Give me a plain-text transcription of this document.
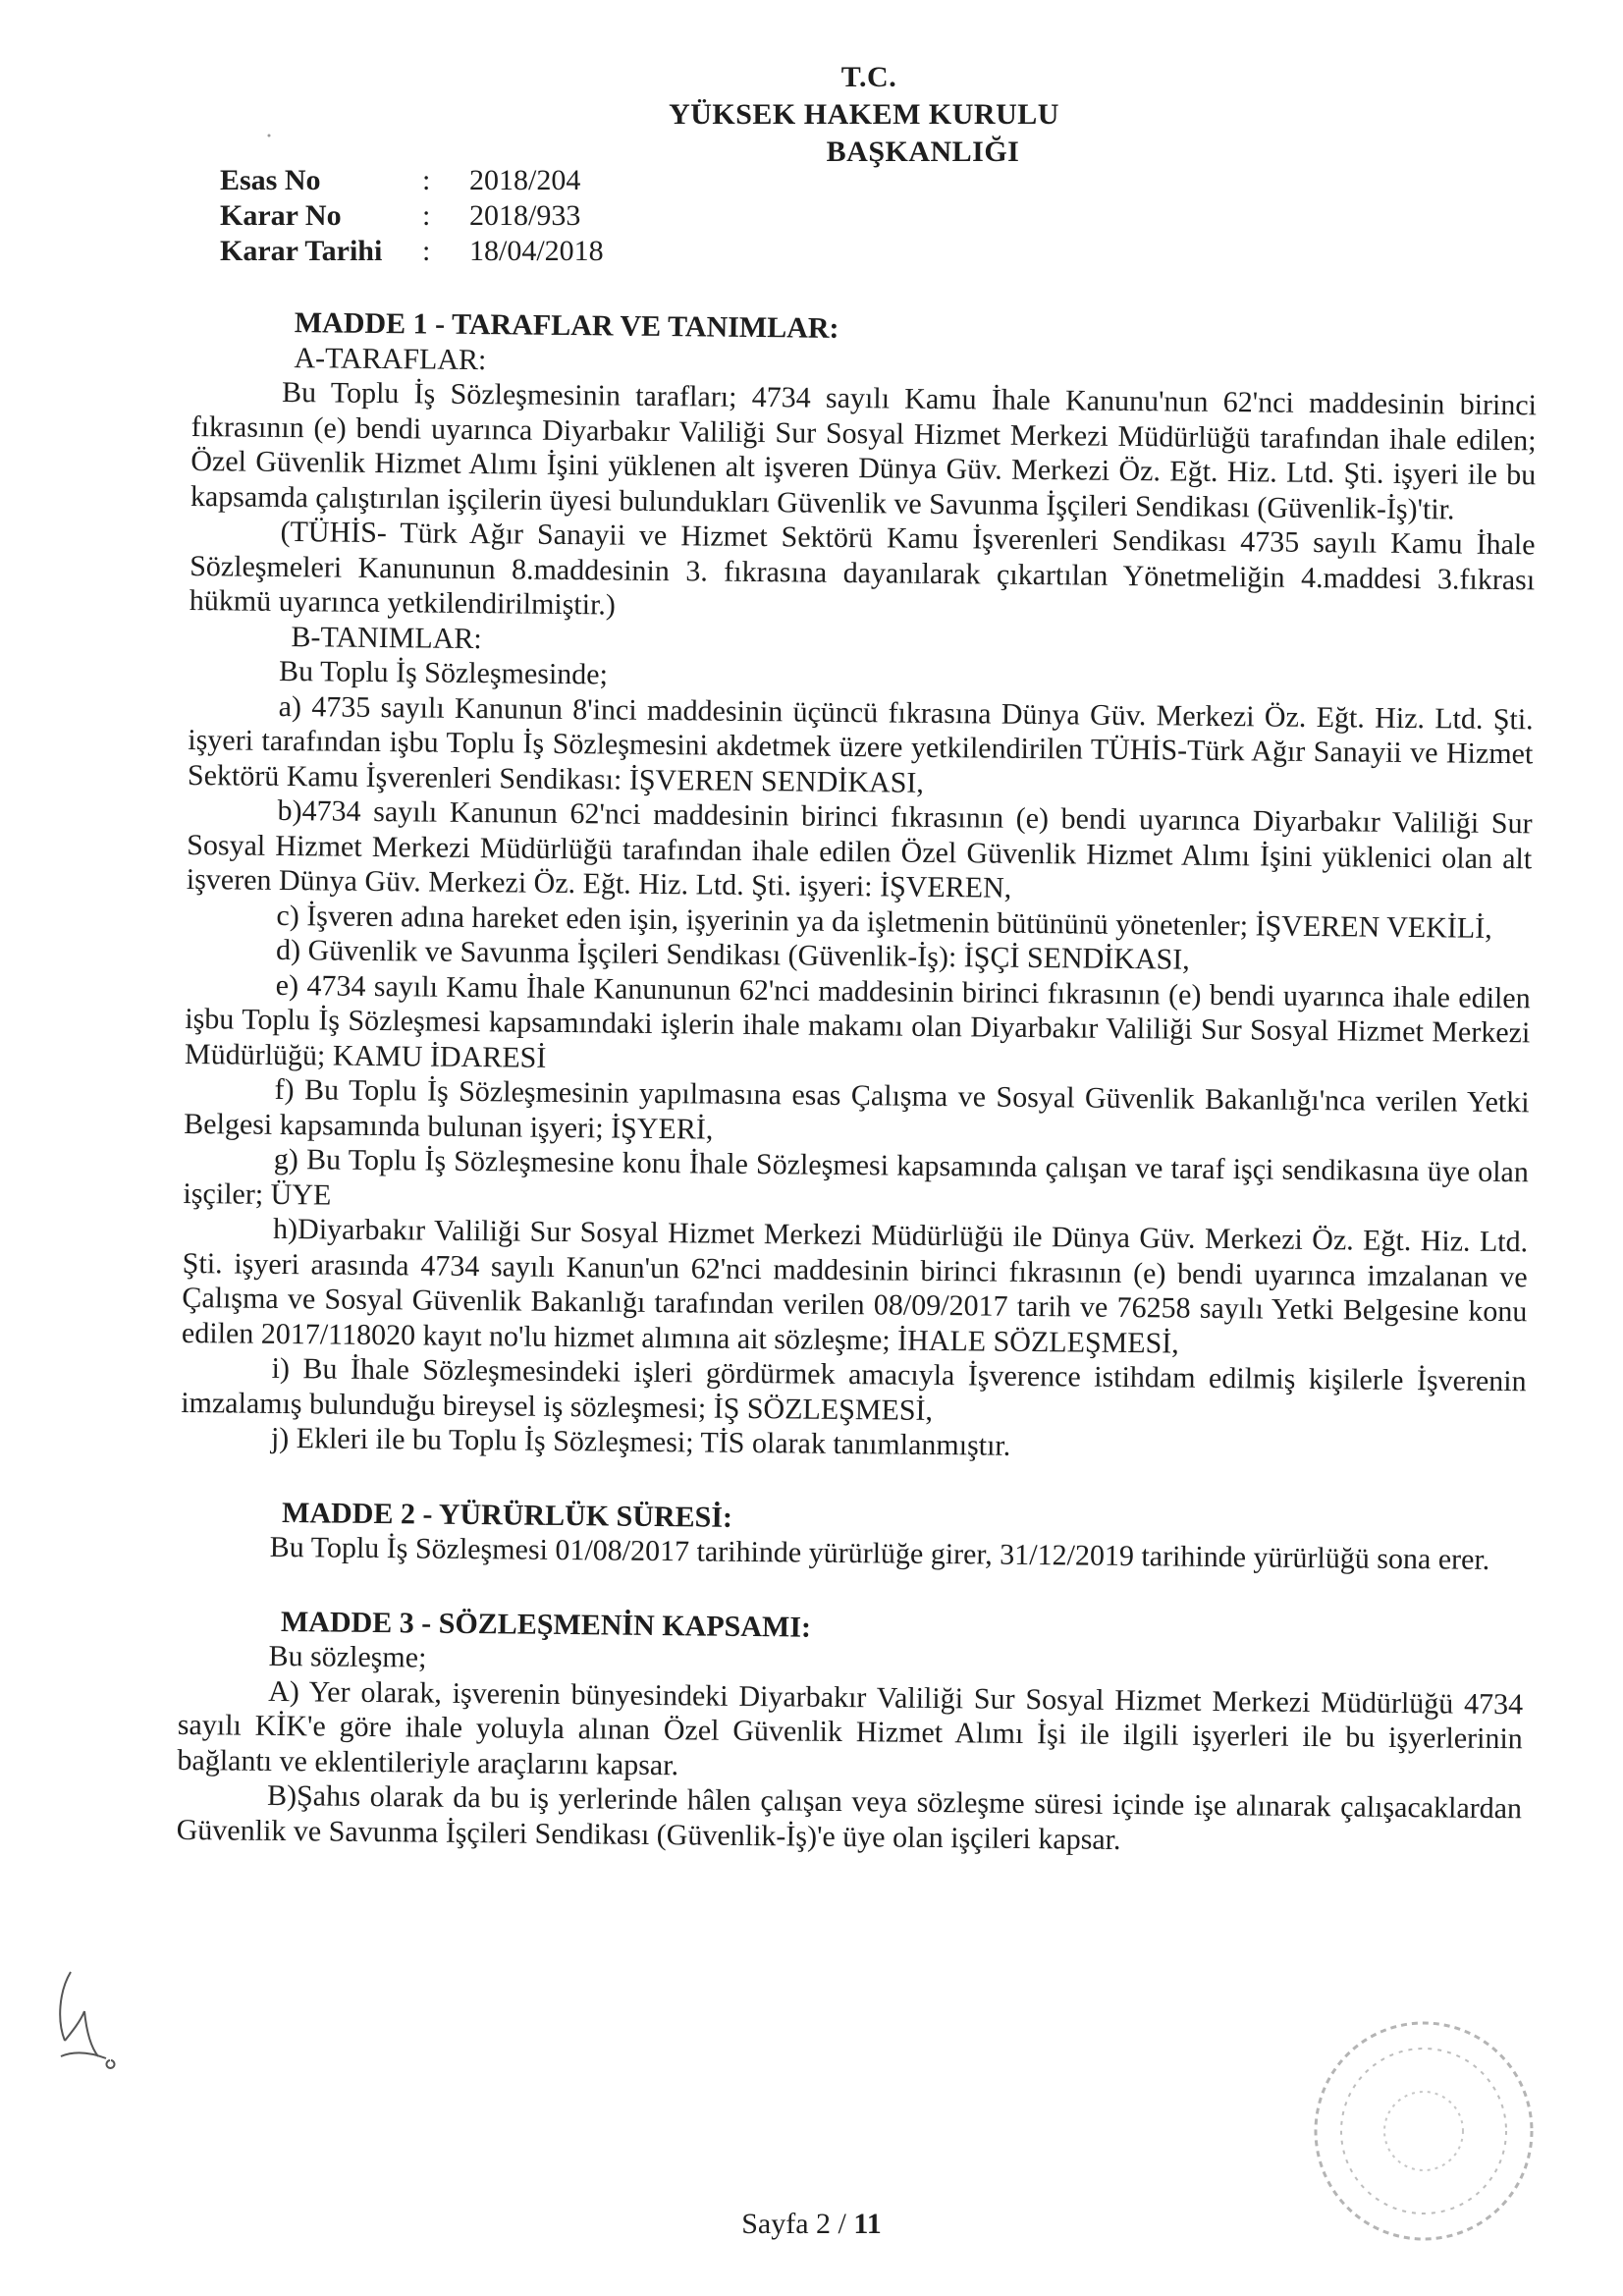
T.C.
YÜKSEK HAKEM KURULU
BAŞKANLIĞI
Esas No	:	2018/204
Karar No	:	2018/933
Karar Tarihi	:	18/04/2018
MADDE 1 - TARAFLAR VE TANIMLAR:
A-TARAFLAR:

Bu Toplu İş Sözleşmesinin tarafları; 4734 sayılı Kamu İhale Kanunu'nun 62'nci maddesinin birinci fıkrasının (e) bendi uyarınca Diyarbakır Valiliği Sur Sosyal Hizmet Merkezi Müdürlüğü tarafından ihale edilen; Özel Güvenlik Hizmet Alımı İşini yüklenen alt işveren Dünya Güv. Merkezi Öz. Eğt. Hiz. Ltd. Şti. işyeri ile bu kapsamda çalıştırılan işçilerin üyesi bulundukları Güvenlik ve Savunma İşçileri Sendikası (Güvenlik-İş)'tir.

(TÜHİS- Türk Ağır Sanayii ve Hizmet Sektörü Kamu İşverenleri Sendikası 4735 sayılı Kamu İhale Sözleşmeleri Kanununun 8.maddesinin 3. fıkrasına dayanılarak çıkartılan Yönetmeliğin 4.maddesi 3.fıkrası hükmü uyarınca yetkilendirilmiştir.)

B-TANIMLAR:

Bu Toplu İş Sözleşmesinde;

a) 4735 sayılı Kanunun 8'inci maddesinin üçüncü fıkrasına Dünya Güv. Merkezi Öz. Eğt. Hiz. Ltd. Şti. işyeri tarafından işbu Toplu İş Sözleşmesini akdetmek üzere yetkilendirilen TÜHİS-Türk Ağır Sanayii ve Hizmet Sektörü Kamu İşverenleri Sendikası: İŞVEREN SENDİKASI,

b)4734 sayılı Kanunun 62'nci maddesinin birinci fıkrasının (e) bendi uyarınca Diyarbakır Valiliği Sur Sosyal Hizmet Merkezi Müdürlüğü tarafından ihale edilen Özel Güvenlik Hizmet Alımı İşini yüklenici olan alt işveren Dünya Güv. Merkezi Öz. Eğt. Hiz. Ltd. Şti. işyeri: İŞVEREN,

c) İşveren adına hareket eden işin, işyerinin ya da işletmenin bütününü yönetenler; İŞVEREN VEKİLİ,

d) Güvenlik ve Savunma İşçileri Sendikası (Güvenlik-İş): İŞÇİ SENDİKASI,

e) 4734 sayılı Kamu İhale Kanununun 62'nci maddesinin birinci fıkrasının (e) bendi uyarınca ihale edilen işbu Toplu İş Sözleşmesi kapsamındaki işlerin ihale makamı olan Diyarbakır Valiliği Sur Sosyal Hizmet Merkezi Müdürlüğü; KAMU İDARESİ

f) Bu Toplu İş Sözleşmesinin yapılmasına esas Çalışma ve Sosyal Güvenlik Bakanlığı'nca verilen Yetki Belgesi kapsamında bulunan işyeri; İŞYERİ,

g) Bu Toplu İş Sözleşmesine konu İhale Sözleşmesi kapsamında çalışan ve taraf işçi sendikasına üye olan işçiler; ÜYE

h)Diyarbakır Valiliği Sur Sosyal Hizmet Merkezi Müdürlüğü ile Dünya Güv. Merkezi Öz. Eğt. Hiz. Ltd. Şti. işyeri arasında 4734 sayılı Kanun'un 62'nci maddesinin birinci fıkrasının (e) bendi uyarınca imzalanan ve Çalışma ve Sosyal Güvenlik Bakanlığı tarafından verilen 08/09/2017 tarih ve 76258 sayılı Yetki Belgesine konu edilen 2017/118020 kayıt no'lu hizmet alımına ait sözleşme; İHALE SÖZLEŞMESİ,

i) Bu İhale Sözleşmesindeki işleri gördürmek amacıyla İşverence istihdam edilmiş kişilerle İşverenin imzalamış bulunduğu bireysel iş sözleşmesi; İŞ SÖZLEŞMESİ,

j) Ekleri ile bu Toplu İş Sözleşmesi; TİS olarak tanımlanmıştır.

MADDE 2 - YÜRÜRLÜK SÜRESİ:

Bu Toplu İş Sözleşmesi 01/08/2017 tarihinde yürürlüğe girer, 31/12/2019 tarihinde yürürlüğü sona erer.

MADDE 3 - SÖZLEŞMENİN KAPSAMI:

Bu sözleşme;

A) Yer olarak, işverenin bünyesindeki Diyarbakır Valiliği Sur Sosyal Hizmet Merkezi Müdürlüğü 4734 sayılı KİK'e göre ihale yoluyla alınan Özel Güvenlik Hizmet Alımı İşi ile ilgili işyerleri ile bu işyerlerinin bağlantı ve eklentileriyle araçlarını kapsar.

B)Şahıs olarak da bu iş yerlerinde hâlen çalışan veya sözleşme süresi içinde işe alınarak çalışacaklardan Güvenlik ve Savunma İşçileri Sendikası (Güvenlik-İş)'e üye olan işçileri kapsar.

Sayfa 2 / 11
